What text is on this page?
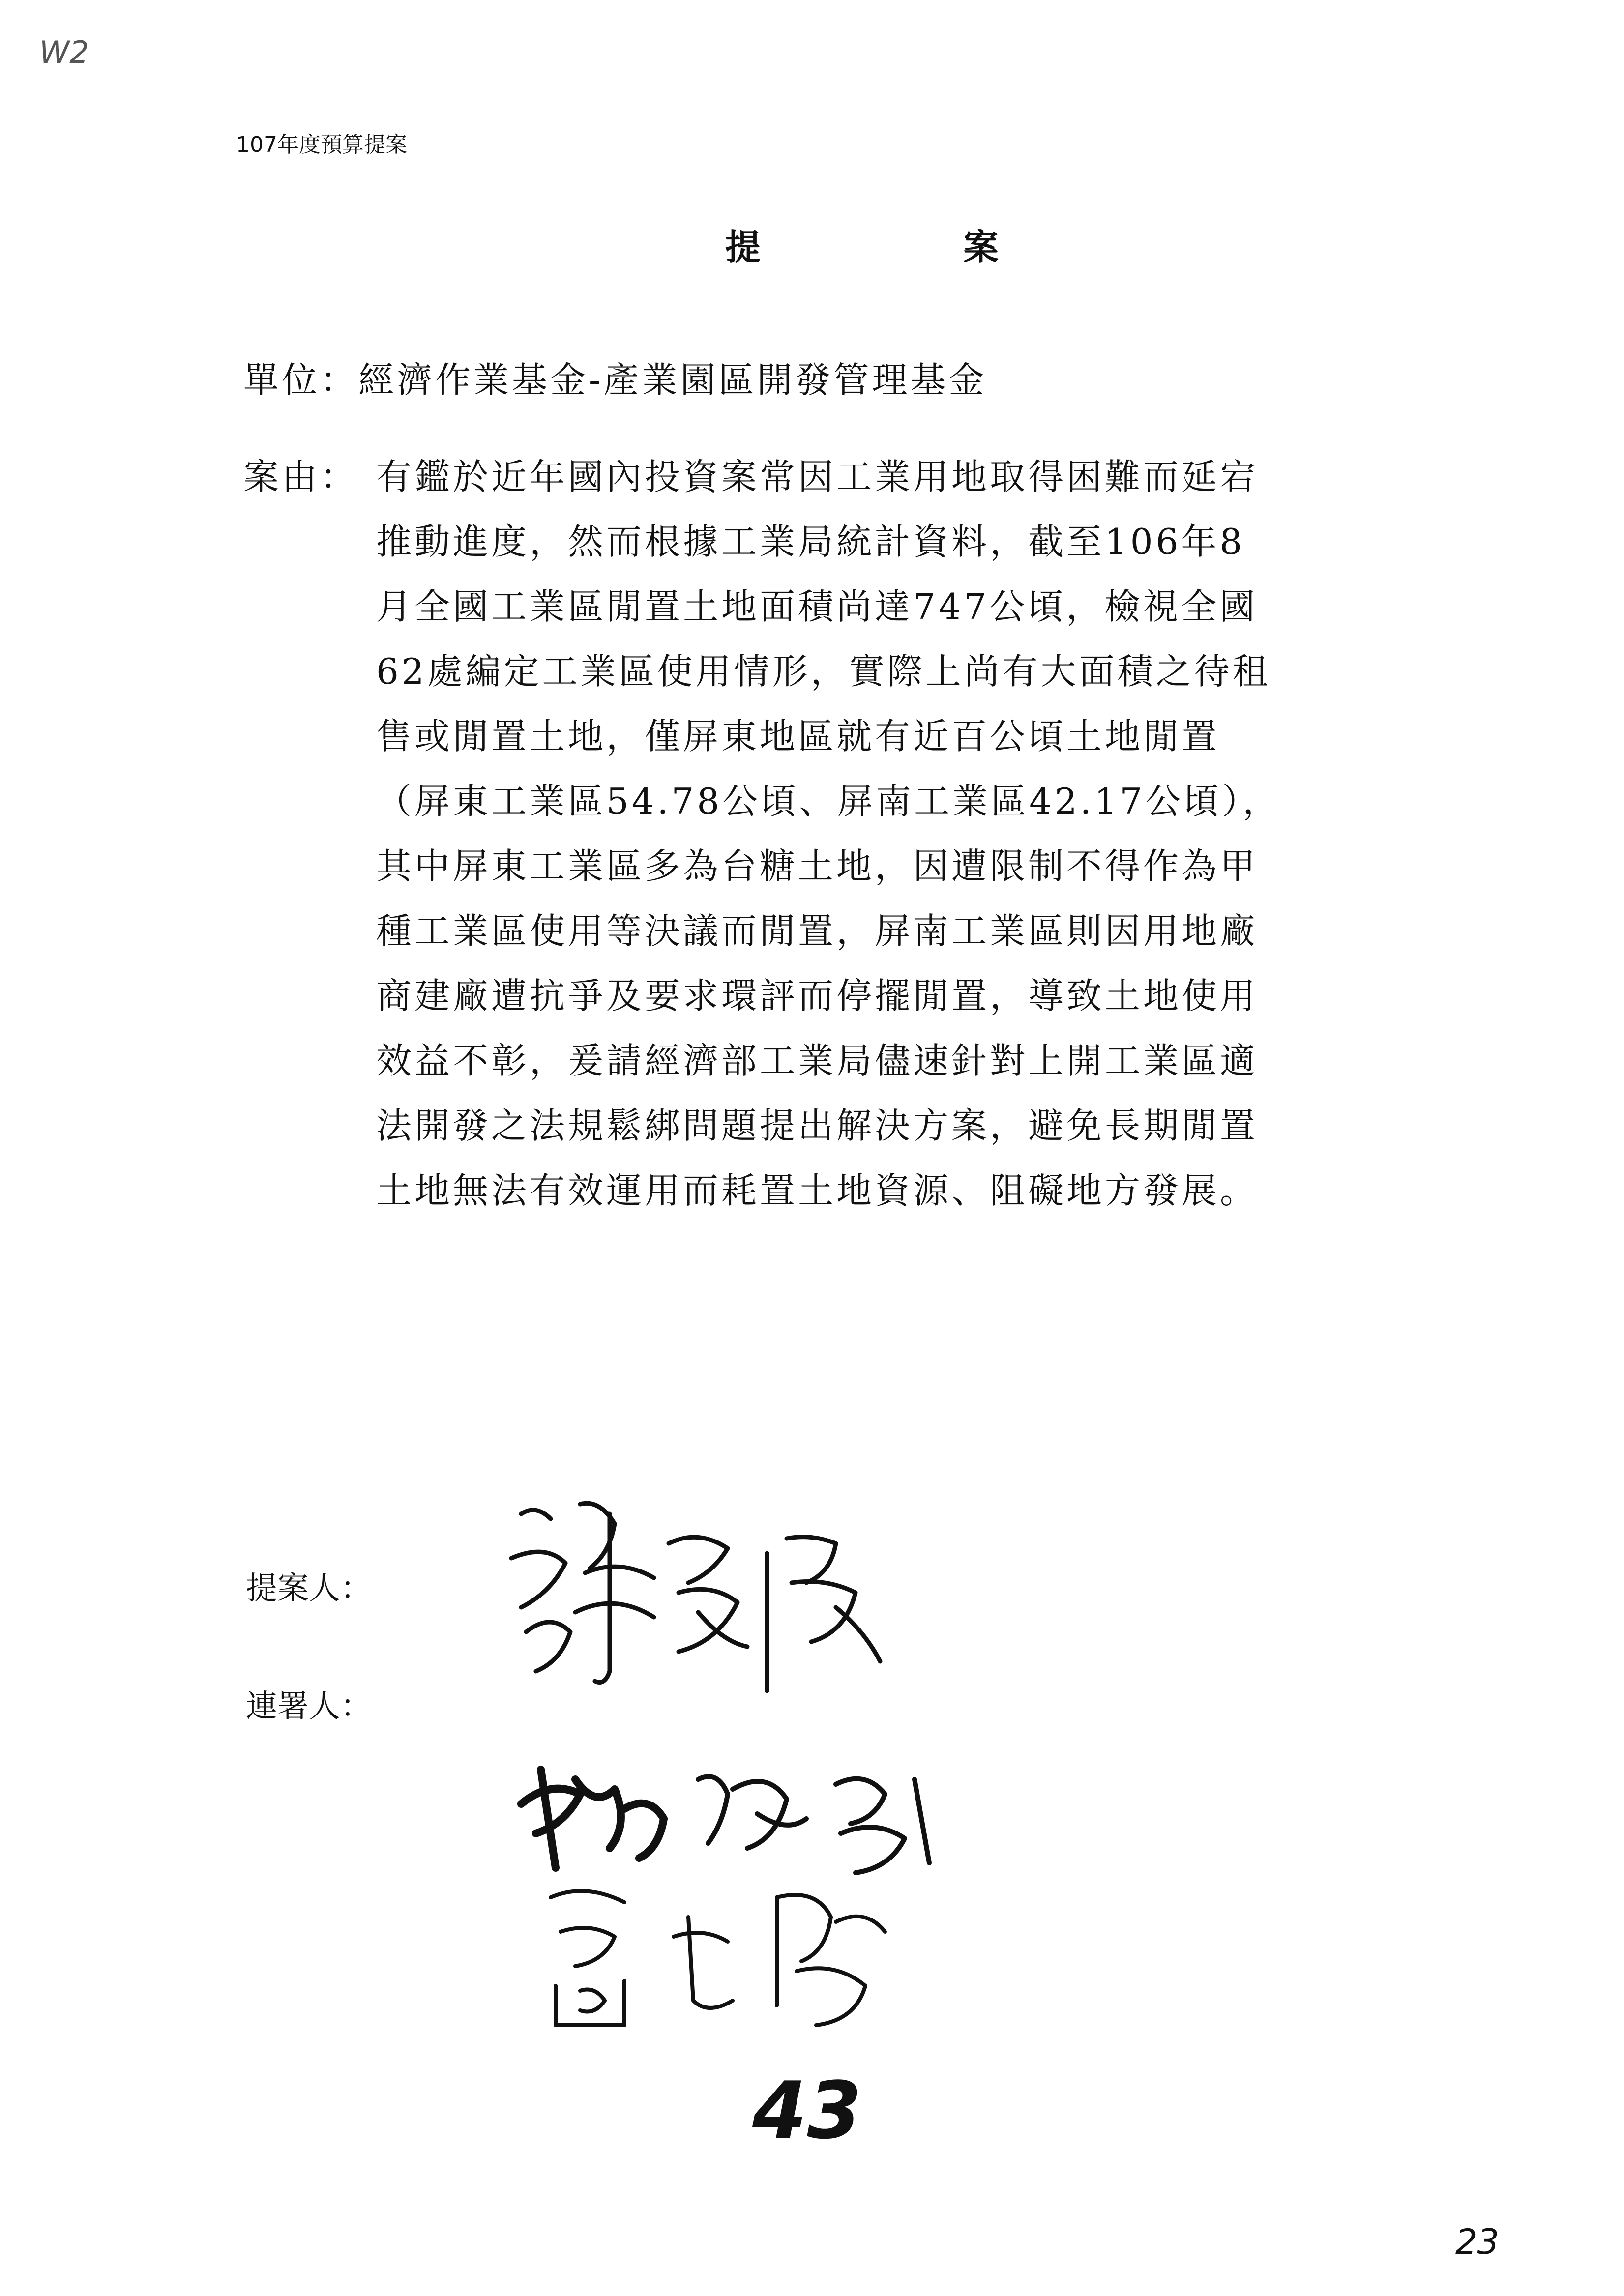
W2
107年度預算提案
提　案
單位：經濟作業基金-產業園區開發管理基金
案由： 有鑑於近年國內投資案常因工業用地取得困難而延宕
推動進度，然而根據工業局統計資料，截至106年8
月全國工業區閒置土地面積尚達747公頃，檢視全國
62處編定工業區使用情形，實際上尚有大面積之待租
售或閒置土地，僅屏東地區就有近百公頃土地閒置
（屏東工業區54.78公頃、屏南工業區42.17公頃），
其中屏東工業區多為台糖土地，因遭限制不得作為甲
種工業區使用等決議而閒置，屏南工業區則因用地廠
商建廠遭抗爭及要求環評而停擺閒置，導致土地使用
效益不彰，爰請經濟部工業局儘速針對上開工業區適
法開發之法規鬆綁問題提出解決方案，避免長期閒置
土地無法有效運用而耗置土地資源、阻礙地方發展。
提案人：
連署人：
43
23
